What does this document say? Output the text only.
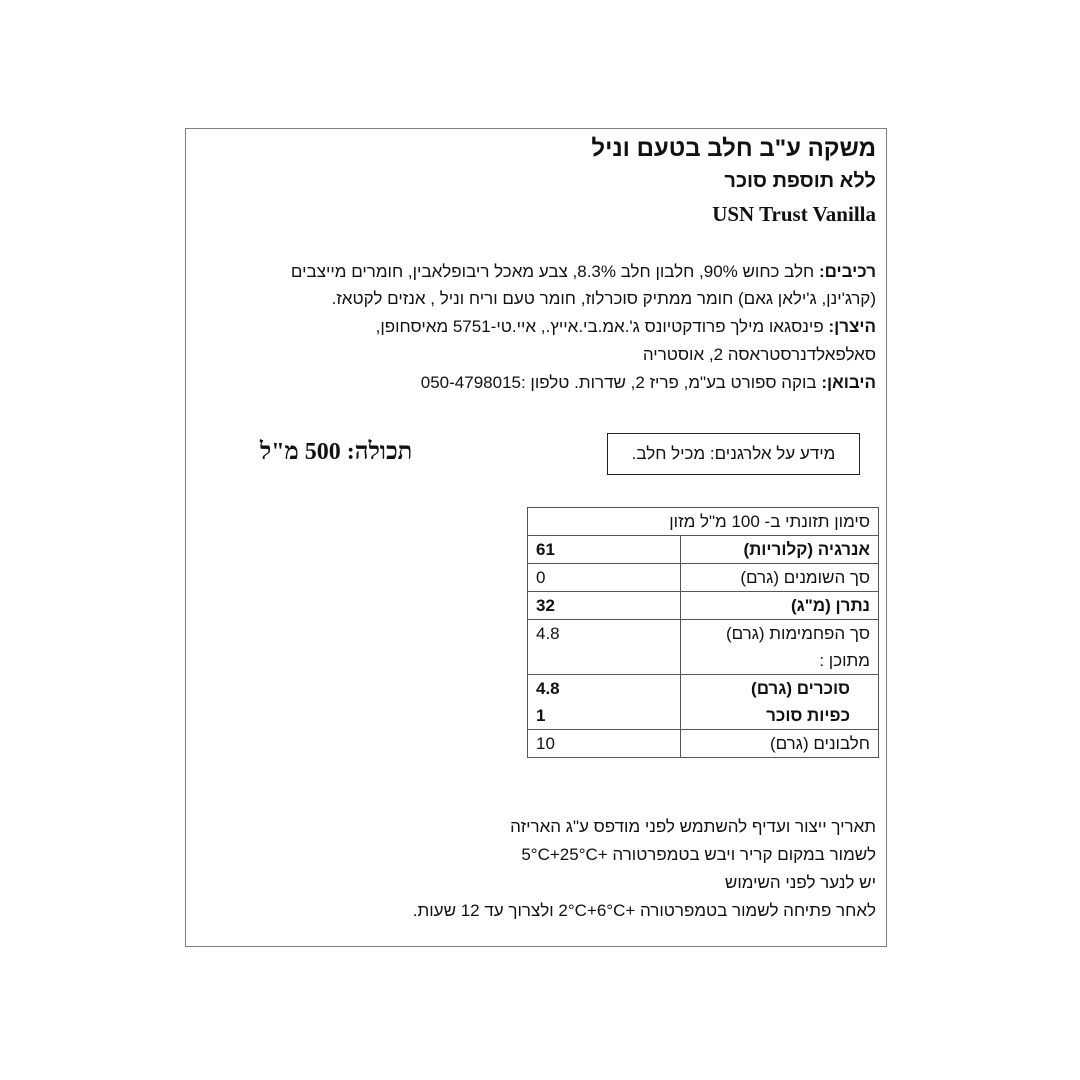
משקה ע"ב חלב בטעם וניל
ללא תוספת סוכר
USN Trust Vanilla
רכיבים: חלב כחוש 90%, חלבון חלב 8.3%, צבע מאכל ריבופלאבין, חומרים מייצבים
(קרג'ינן, ג'ילאן גאם) חומר ממתיק סוכרלוז, חומר טעם וריח וניל , אנזים לקטאז.
היצרן: פינסגאו מילך פרודקטיונס ג'.אמ.בי.אייץ., איי.טי-5751 מאיסחופן,
סאלפאלדנרסטראסה 2, אוסטריה
היבואן: בוקה ספורט בע"מ, פריז 2, שדרות. טלפון :050-4798015
מידע על אלרגנים: מכיל חלב.
תכולה: 500 מ"ל
סימון תזונתי ב- 100 מ"ל מזון	
אנרגיה (קלוריות)	61
סך השומנים (גרם)	0
נתרן (מ"ג)	32
סך הפחמימות (גרם)	4.8
מתוכן :	
סוכרים (גרם)	4.8
כפיות סוכר	1
חלבונים (גרם)	10
תאריך ייצור ועדיף להשתמש לפני מודפס ע"ג האריזה
לשמור במקום קריר ויבש בטמפרטורה +5°C+25°C
יש לנער לפני השימוש
לאחר פתיחה לשמור בטמפרטורה +2°C+6°C ולצרוך עד 12 שעות.
